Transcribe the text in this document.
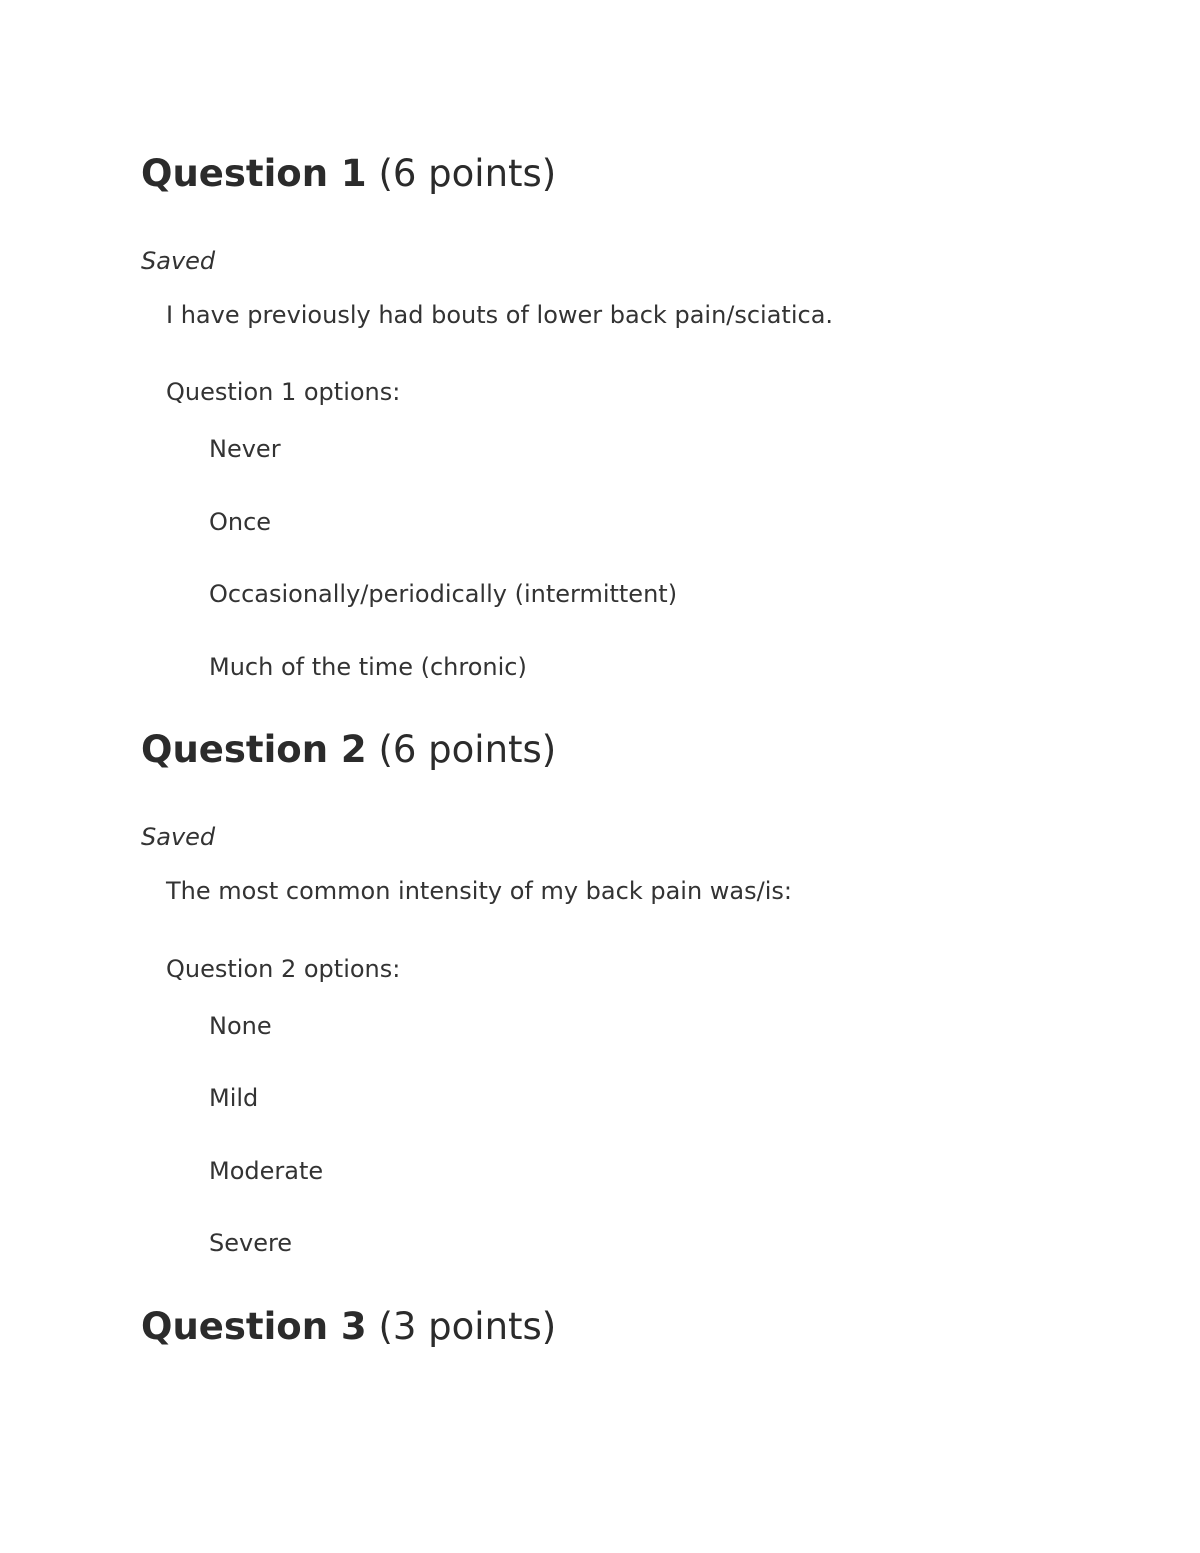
Question 1 (6 points)
Saved
I have previously had bouts of lower back pain/sciatica.
Question 1 options:
Never
Once
Occasionally/periodically (intermittent)
Much of the time (chronic)
Question 2 (6 points)
Saved
The most common intensity of my back pain was/is:
Question 2 options:
None
Mild
Moderate
Severe
Question 3 (3 points)
